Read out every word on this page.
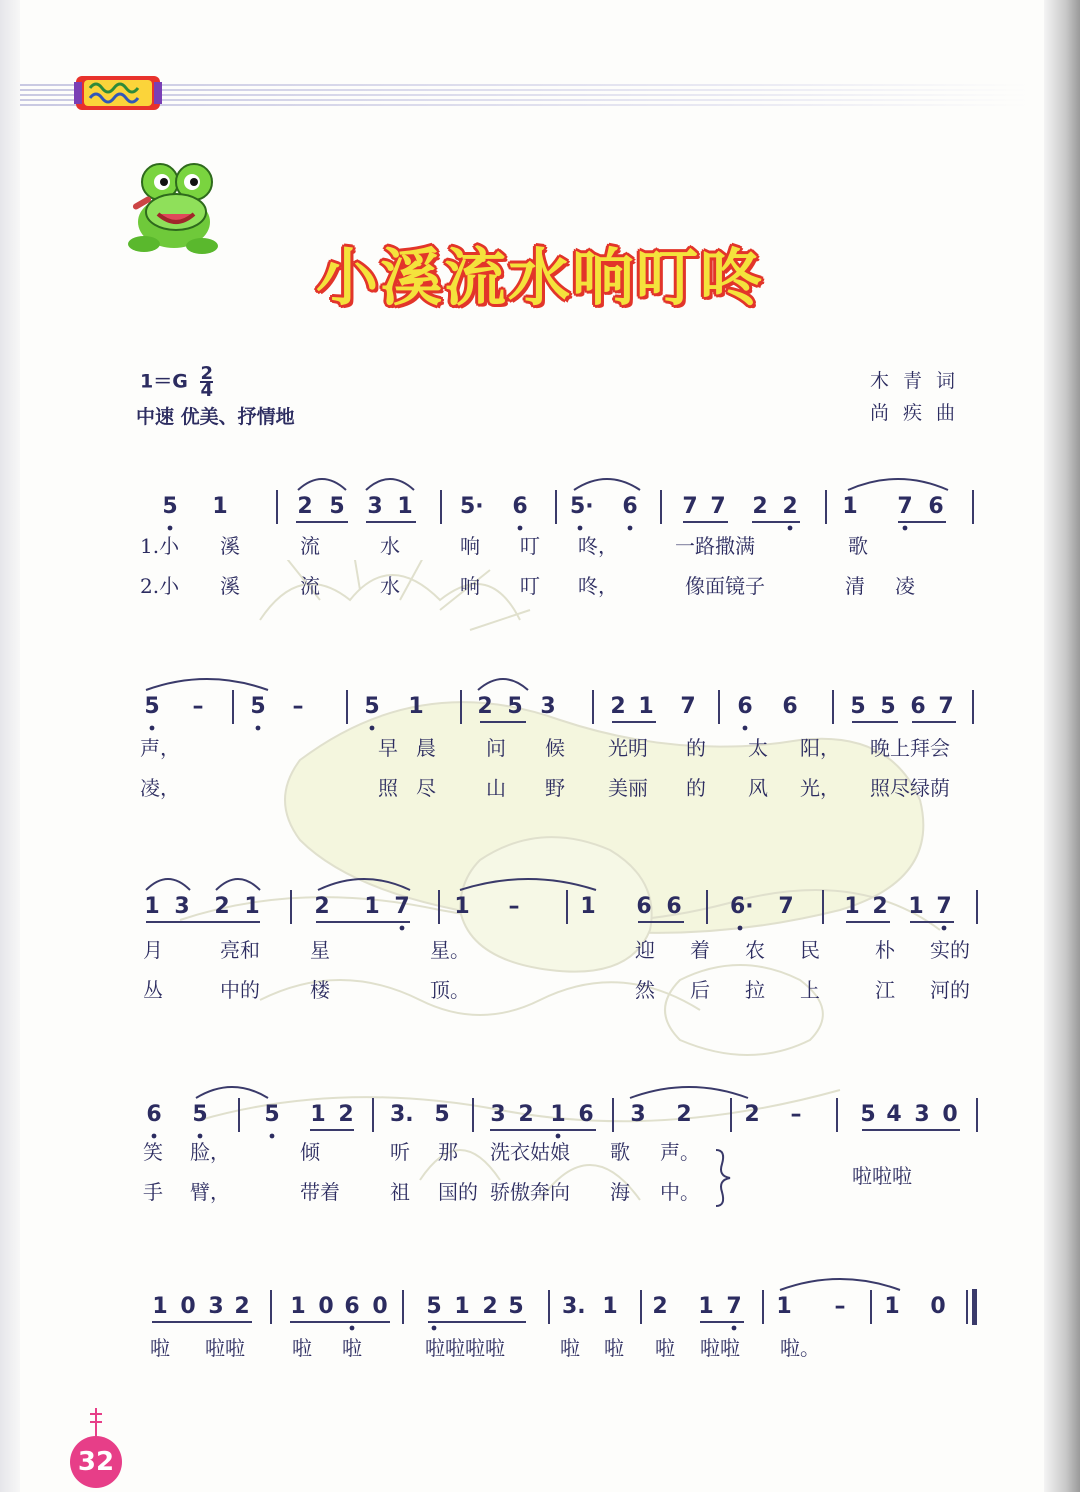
小溪流水响叮咚
$1=G \frac{2}{4}$
中速 优美、抒情地
木青词
尚疾曲
5 1	2 5 3 1 5· 6 5· 6 7 7 2 2 1 7 6
1.小 溪	流	水	响 叮 咚，	一路撒满	歌
2.小 溪	流	水	响 叮 咚，	像面镜子	清 凌
5 – 5 –	5 1 2 5 3 2 1 7 6 6 5 5 6 7
声，	早 晨	问 候 光明 的 太 阳， 晚上拜会
凌，	照 尽	山 野 美丽 的 风 光， 照尽绿荫
1 3 2 1 2 1 7 1 –	1 6 6 6· 7 1 2 1 7
月	亮和	星	星。	迎 着 农 民	朴 实的
丛	中的	楼	顶。	然 后 拉 上	江 河的
6 5	5 1 2 3. 5 3 2 1 6 3 2 2 –	5 4 3 0
笑 脸，	倾	听 那 洗衣姑娘 歌 声。
手 臂，	带着	祖 国的 骄傲奔向 海 中。
啦啦啦
1 0 3 2 1 0 6 0 5 1 2 5 3. 1 2 1 7 1 – 1 0
啦 啦啦 啦 啦	啦啦啦啦	啦 啦 啦 啦啦 啦。
32
